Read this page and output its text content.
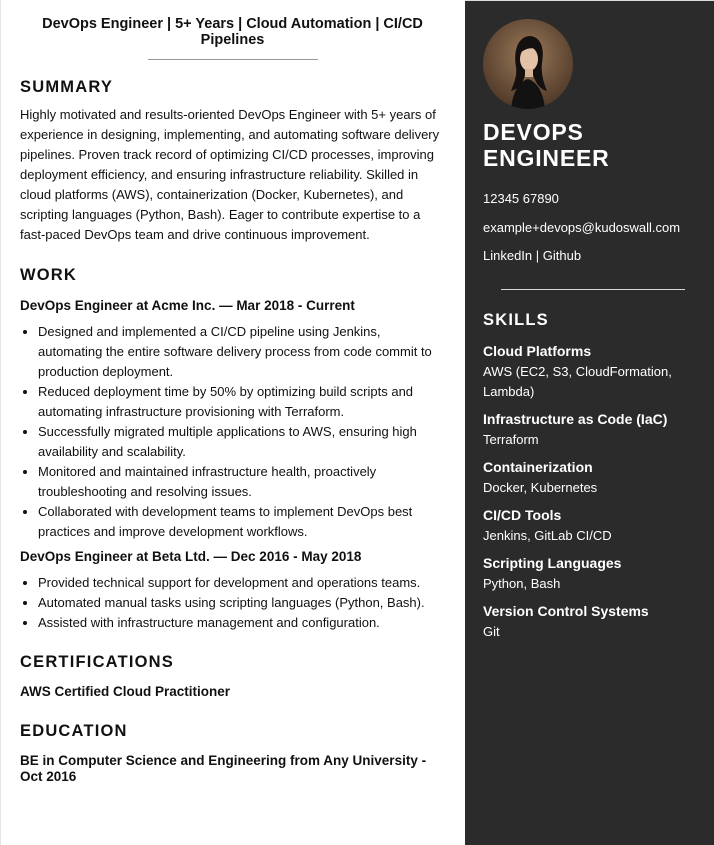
DevOps Engineer | 5+ Years | Cloud Automation | CI/CD Pipelines
SUMMARY

Highly motivated and results-oriented DevOps Engineer with 5+ years of experience in designing, implementing, and automating software delivery pipelines. Proven track record of optimizing CI/CD processes, improving deployment efficiency, and ensuring infrastructure reliability. Skilled in cloud platforms (AWS), containerization (Docker, Kubernetes), and scripting languages (Python, Bash). Eager to contribute expertise to a fast-paced DevOps team and drive continuous improvement.

WORK
DevOps Engineer at Acme Inc. — Mar 2018 - Current
• Designed and implemented a CI/CD pipeline using Jenkins, automating the entire software delivery process from code commit to production deployment.
• Reduced deployment time by 50% by optimizing build scripts and automating infrastructure provisioning with Terraform.
• Successfully migrated multiple applications to AWS, ensuring high availability and scalability.
• Monitored and maintained infrastructure health, proactively troubleshooting and resolving issues.
• Collaborated with development teams to implement DevOps best practices and improve development workflows.
DevOps Engineer at Beta Ltd. — Dec 2016 - May 2018
• Provided technical support for development and operations teams.
• Automated manual tasks using scripting languages (Python, Bash).
• Assisted with infrastructure management and configuration.
CERTIFICATIONS
AWS Certified Cloud Practitioner
EDUCATION
BE in Computer Science and Engineering from Any University - Oct 2016
DEVOPS ENGINEER
12345 67890
example+devops@kudoswall.com
LinkedIn | Github
SKILLS
Cloud Platforms
AWS (EC2, S3, CloudFormation, Lambda)
Infrastructure as Code (IaC)
Terraform
Containerization
Docker, Kubernetes
CI/CD Tools
Jenkins, GitLab CI/CD
Scripting Languages
Python, Bash
Version Control Systems
Git
